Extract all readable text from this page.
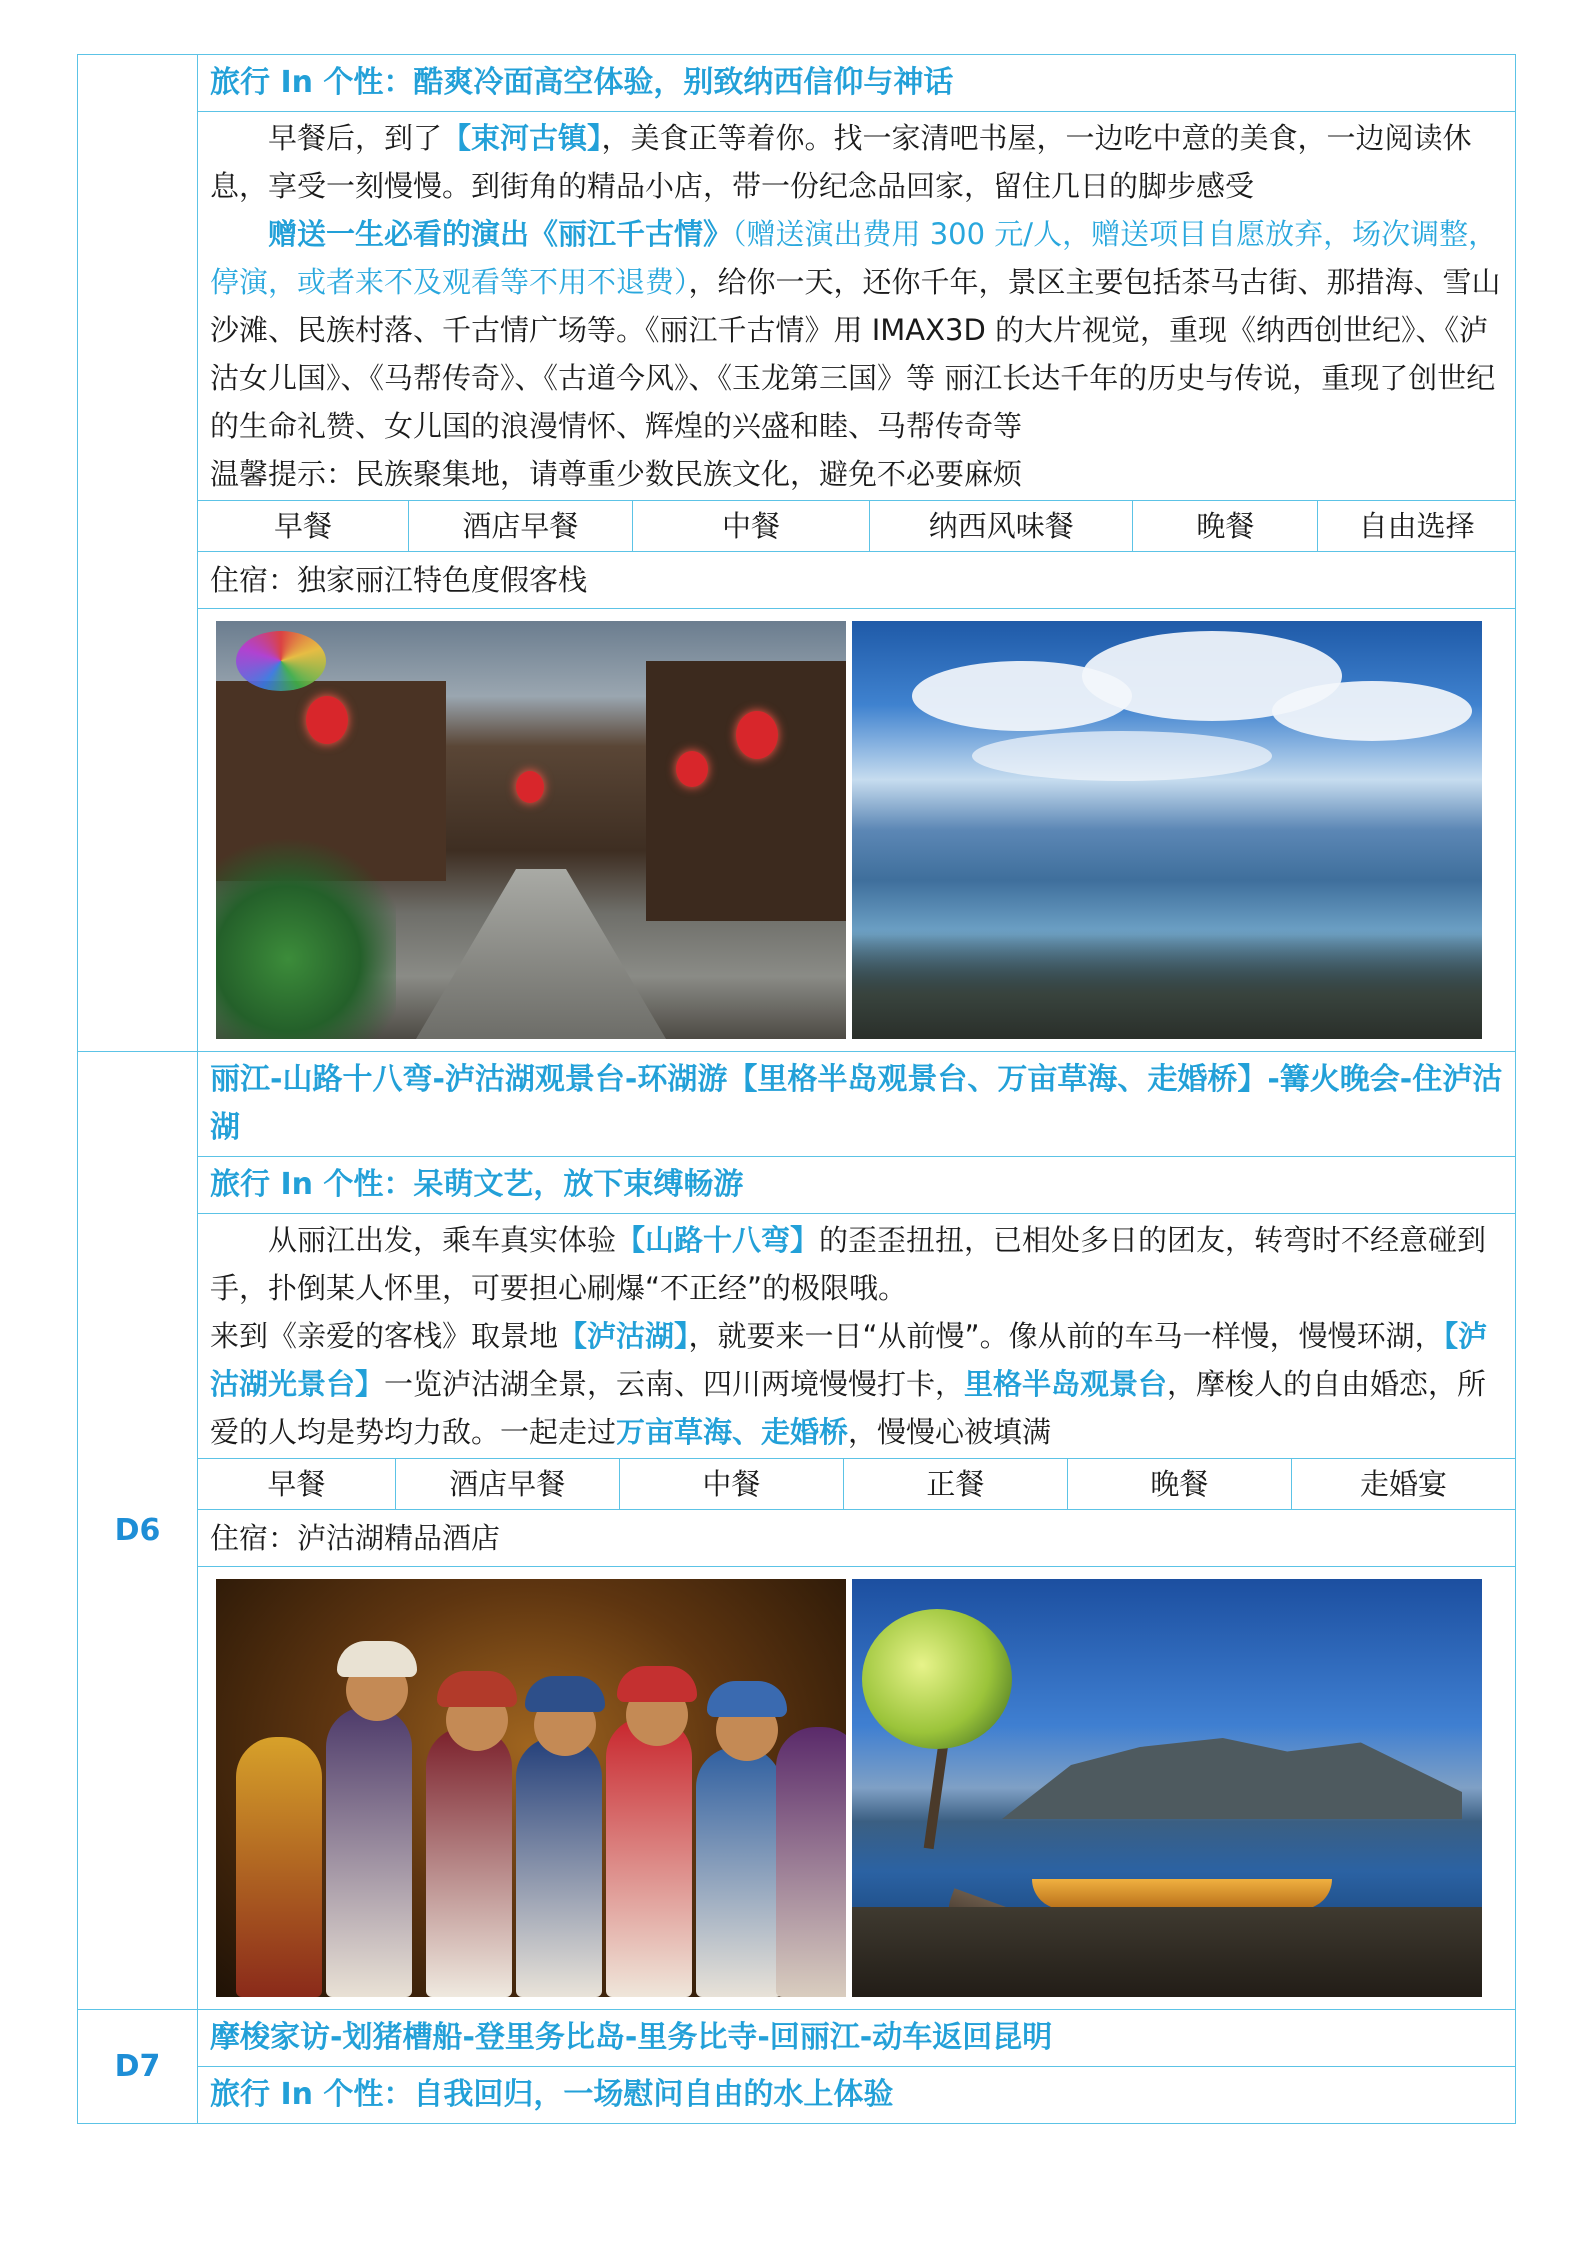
旅行 In 个性：酷爽冷面高空体验，别致纳西信仰与神话
早餐后，到了【束河古镇】，美食正等着你。找一家清吧书屋，一边吃中意的美食，一边阅读休息，享受一刻慢慢。到街角的精品小店，带一份纪念品回家，留住几日的脚步感受
赠送一生必看的演出《丽江千古情》（赠送演出费用 300 元/人，赠送项目自愿放弃，场次调整，停演，或者来不及观看等不用不退费），给你一天，还你千年，景区主要包括茶马古街、那措海、雪山沙滩、民族村落、千古情广场等。《丽江千古情》用 IMAX3D 的大片视觉，重现《纳西创世纪》、《泸沽女儿国》、《马帮传奇》、《古道今风》、《玉龙第三国》等 丽江长达千年的历史与传说，重现了创世纪的生命礼赞、女儿国的浪漫情怀、辉煌的兴盛和睦、马帮传奇等
温馨提示：民族聚集地，请尊重少数民族文化，避免不必要麻烦
早餐	酒店早餐	中餐	纳西风味餐	晚餐	自由选择
住宿：独家丽江特色度假客栈

D6	
丽江-山路十八弯-泸沽湖观景台-环湖游【里格半岛观景台、万亩草海、走婚桥】-篝火晚会-住泸沽湖
旅行 In 个性：呆萌文艺，放下束缚畅游
从丽江出发，乘车真实体验【山路十八弯】的歪歪扭扭，已相处多日的团友，转弯时不经意碰到手，扑倒某人怀里，可要担心刷爆“不正经”的极限哦。
来到《亲爱的客栈》取景地【泸沽湖】，就要来一日“从前慢”。像从前的车马一样慢，慢慢环湖，【泸沽湖光景台】一览泸沽湖全景，云南、四川两境慢慢打卡，里格半岛观景台，摩梭人的自由婚恋，所爱的人均是势均力敌。一起走过万亩草海、走婚桥，慢慢心被填满
早餐	酒店早餐	中餐	正餐	晚餐	走婚宴
住宿：泸沽湖精品酒店

D7	
摩梭家访-划猪槽船-登里务比岛-里务比寺-回丽江-动车返回昆明
旅行 In 个性：自我回归，一场慰问自由的水上体验
